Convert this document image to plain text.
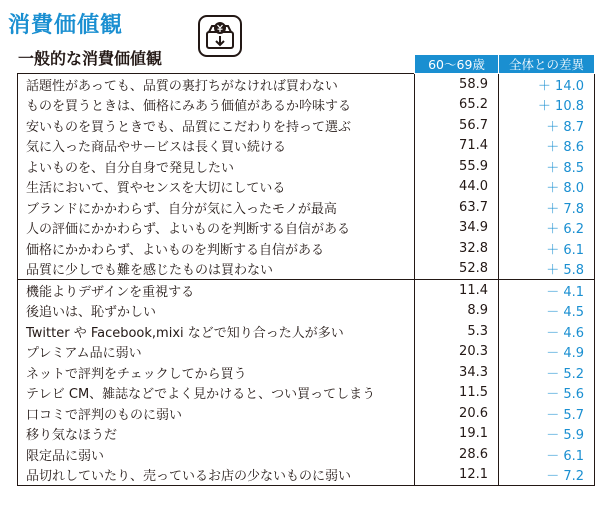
消費価値観
一般的な消費価値観
		60～69歳	全体との差異
話題性があっても、品質の裏打ちがなければ買わない	58.9	＋ 14.0
ものを買うときは、価格にみあう価値があるか吟味する	65.2	＋ 10.8
安いものを買うときでも、品質にこだわりを持って選ぶ	56.7	＋ 8.7
気に入った商品やサービスは長く買い続ける	71.4	＋ 8.6
よいものを、自分自身で発見したい	55.9	＋ 8.5
生活において、質やセンスを大切にしている	44.0	＋ 8.0
ブランドにかかわらず、自分が気に入ったモノが最高	63.7	＋ 7.8
人の評価にかかわらず、よいものを判断する自信がある	34.9	＋ 6.2
価格にかかわらず、よいものを判断する自信がある	32.8	＋ 6.1
品質に少しでも難を感じたものは買わない	52.8	＋ 5.8
機能よりデザインを重視する	11.4	－ 4.1
後追いは、恥ずかしい	8.9	－ 4.5
Twitter や Facebook,mixi などで知り合った人が多い	5.3	－ 4.6
プレミアム品に弱い	20.3	－ 4.9
ネットで評判をチェックしてから買う	34.3	－ 5.2
テレビ CM、雑誌などでよく見かけると、つい買ってしまう	11.5	－ 5.6
口コミで評判のものに弱い	20.6	－ 5.7
移り気なほうだ	19.1	－ 5.9
限定品に弱い	28.6	－ 6.1
品切れしていたり、売っているお店の少ないものに弱い	12.1	－ 7.2
